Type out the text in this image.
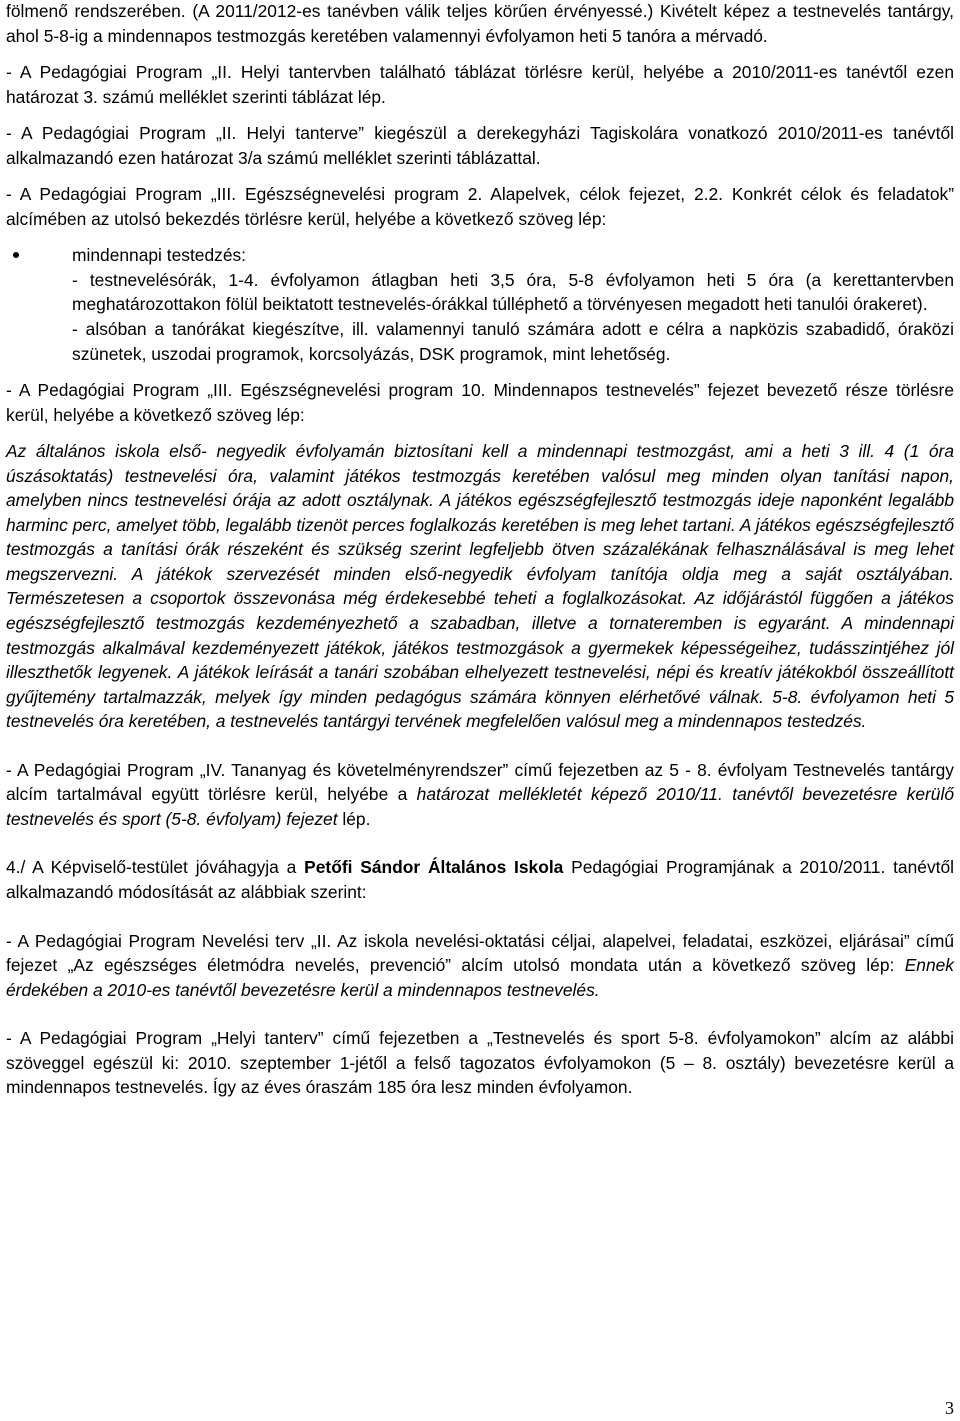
fölmenő rendszerében. (A 2011/2012-es tanévben válik teljes körűen érvényessé.) Kivételt képez a testnevelés tantárgy, ahol 5-8-ig a mindennapos testmozgás keretében valamennyi évfolyamon heti 5 tanóra a mérvadó.

- A Pedagógiai Program „II. Helyi tantervben található táblázat törlésre kerül, helyébe a 2010/2011-es tanévtől ezen határozat 3. számú melléklet szerinti táblázat lép.

- A Pedagógiai Program „II. Helyi tanterve” kiegészül a derekegyházi Tagiskolára vonatkozó 2010/2011-es tanévtől alkalmazandó ezen határozat 3/a számú melléklet szerinti táblázattal.

- A Pedagógiai Program „III. Egészségnevelési program 2. Alapelvek, célok fejezet, 2.2. Konkrét célok és feladatok” alcímében az utolsó bekezdés törlésre kerül, helyébe a következő szöveg lép:

mindennapi testedzés:

- testnevelésórák, 1-4. évfolyamon átlagban heti 3,5 óra, 5-8 évfolyamon heti 5 óra (a kerettantervben meghatározottakon fölül beiktatott testnevelés-órákkal túlléphető a törvényesen megadott heti tanulói órakeret).

- alsóban a tanórákat kiegészítve, ill. valamennyi tanuló számára adott e célra a napközis szabadidő, óraközi szünetek, uszodai programok, korcsolyázás, DSK programok, mint lehetőség.

- A Pedagógiai Program „III. Egészségnevelési program 10. Mindennapos testnevelés” fejezet bevezető része törlésre kerül, helyébe a következő szöveg lép:

Az általános iskola első- negyedik évfolyamán biztosítani kell a mindennapi testmozgást, ami a heti 3 ill. 4 (1 óra úszásoktatás) testnevelési óra, valamint játékos testmozgás keretében valósul meg minden olyan tanítási napon, amelyben nincs testnevelési órája az adott osztálynak. A játékos egészségfejlesztő testmozgás ideje naponként legalább harminc perc, amelyet több, legalább tizenöt perces foglalkozás keretében is meg lehet tartani. A játékos egészségfejlesztő testmozgás a tanítási órák részeként és szükség szerint legfeljebb ötven százalékának felhasználásával is meg lehet megszervezni. A játékok szervezését minden első-negyedik évfolyam tanítója oldja meg a saját osztályában. Természetesen a csoportok összevonása még érdekesebbé teheti a foglalkozásokat. Az időjárástól függően a játékos egészségfejlesztő testmozgás kezdeményezhető a szabadban, illetve a tornateremben is egyaránt. A mindennapi testmozgás alkalmával kezdeményezett játékok, játékos testmozgások a gyermekek képességeihez, tudásszintjéhez jól illeszthetők legyenek. A játékok leírását a tanári szobában elhelyezett testnevelési, népi és kreatív játékokból összeállított gyűjtemény tartalmazzák, melyek így minden pedagógus számára könnyen elérhetővé válnak. 5-8. évfolyamon heti 5 testnevelés óra keretében, a testnevelés tantárgyi tervének megfelelően valósul meg a mindennapos testedzés.

- A Pedagógiai Program „IV. Tananyag és követelményrendszer” című fejezetben az 5 - 8. évfolyam Testnevelés tantárgy alcím tartalmával együtt törlésre kerül, helyébe a határozat mellékletét képező 2010/11. tanévtől bevezetésre kerülő testnevelés és sport (5-8. évfolyam) fejezet lép.

4./ A Képviselő-testület jóváhagyja a Petőfi Sándor Általános Iskola Pedagógiai Programjának a 2010/2011. tanévtől alkalmazandó módosítását az alábbiak szerint:

- A Pedagógiai Program Nevelési terv „II. Az iskola nevelési-oktatási céljai, alapelvei, feladatai, eszközei, eljárásai” című fejezet „Az egészséges életmódra nevelés, prevenció” alcím utolsó mondata után a következő szöveg lép: Ennek érdekében a 2010-es tanévtől bevezetésre kerül a mindennapos testnevelés.

- A Pedagógiai Program „Helyi tanterv” című fejezetben a „Testnevelés és sport 5-8. évfolyamokon” alcím az alábbi szöveggel egészül ki: 2010. szeptember 1-jétől a felső tagozatos évfolyamokon (5 – 8. osztály) bevezetésre kerül a mindennapos testnevelés. Így az éves óraszám 185 óra lesz minden évfolyamon.

3
